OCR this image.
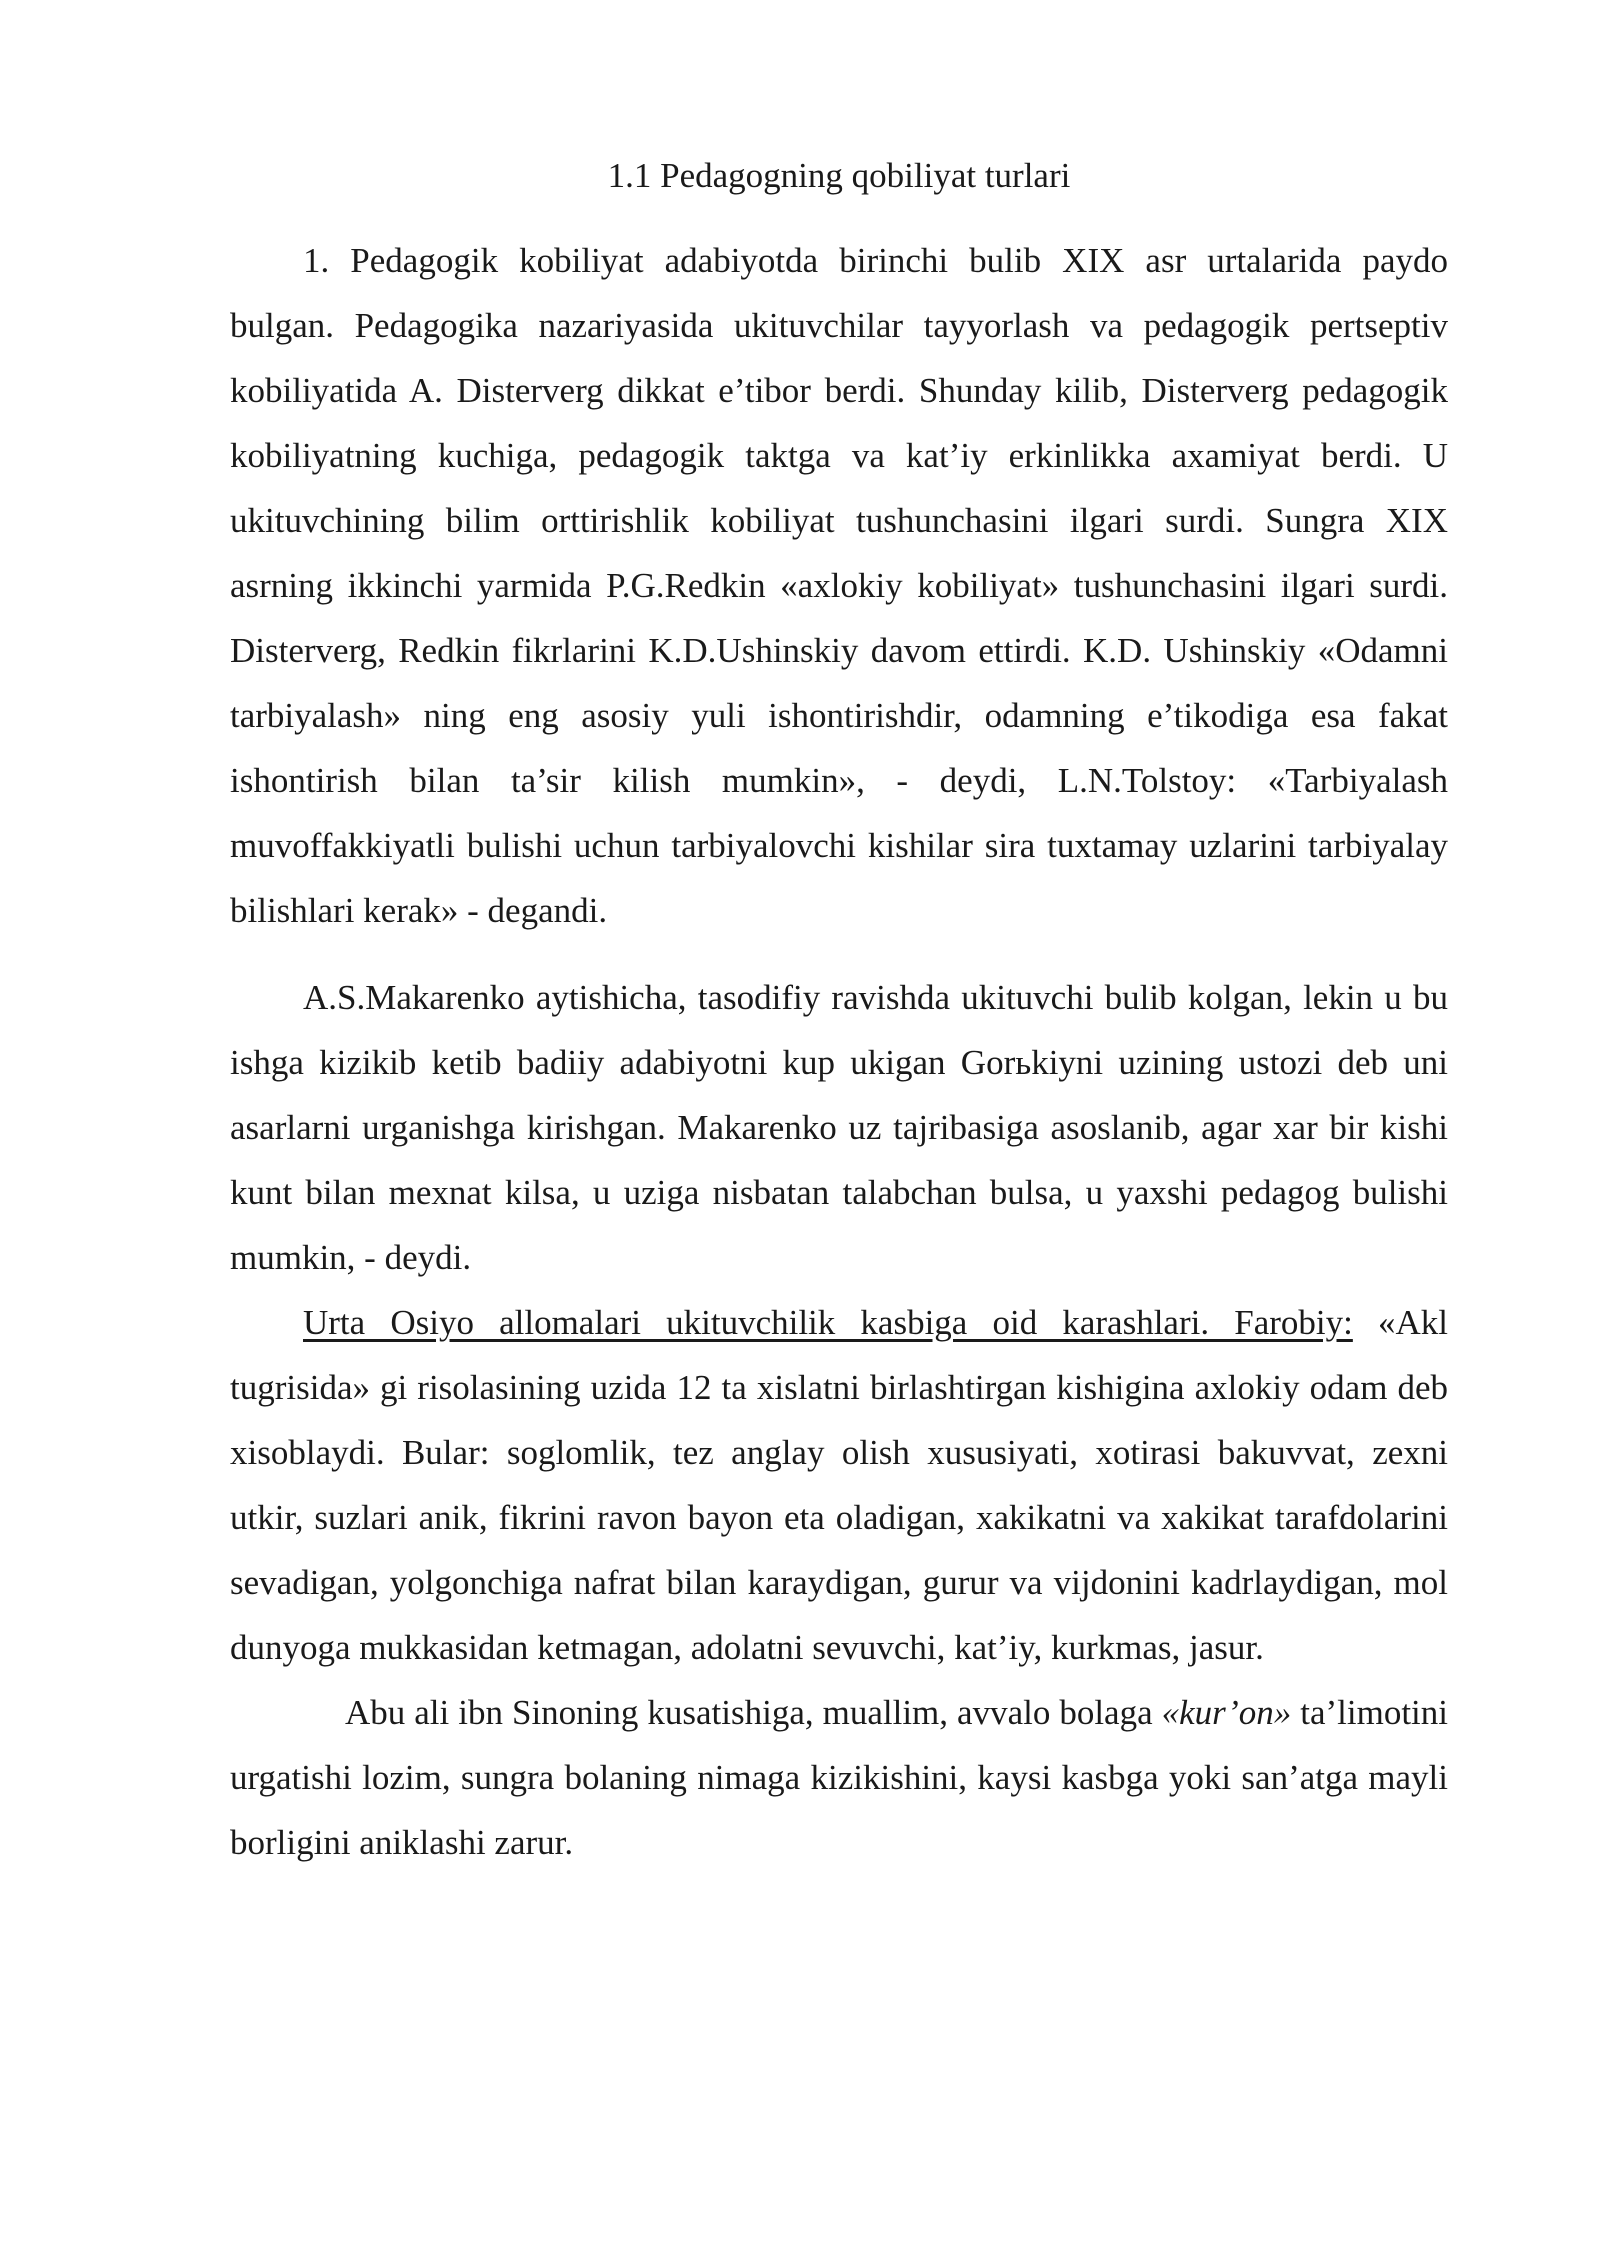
1.1 Pedagogning qobiliyat turlari

1. Pedagogik kobiliyat adabiyotda birinchi bulib XIX asr urtalarida paydo bulgan. Pedagogika nazariyasida ukituvchilar tayyorlash va pedagogik pertseptiv kobiliyatida A. Disterverg dikkat e’tibor berdi. Shunday kilib, Disterverg pedagogik kobiliyatning kuchiga, pedagogik taktga va kat’iy erkinlikka axamiyat berdi. U ukituvchining bilim orttirishlik kobiliyat tushunchasini ilgari surdi. Sungra XIX asrning ikkinchi yarmida P.G.Redkin «axlokiy kobiliyat» tushunchasini ilgari surdi. Disterverg, Redkin fikrlarini K.D.Ushinskiy davom ettirdi. K.D. Ushinskiy «Odamni tarbiyalash» ning eng asosiy yuli ishontirishdir, odamning e’tikodiga esa fakat ishontirish bilan ta’sir kilish mumkin», - deydi, L.N.Tolstoy: «Tarbiyalash muvoffakkiyatli bulishi uchun tarbiyalovchi kishilar sira tuxtamay uzlarini tarbiyalay bilishlari kerak» - degandi.

A.S.Makarenko aytishicha, tasodifiy ravishda ukituvchi bulib kolgan, lekin u bu ishga kizikib ketib badiiy adabiyotni kup ukigan Gorьkiyni uzining ustozi deb uni asarlarni urganishga kirishgan. Makarenko uz tajribasiga asoslanib, agar xar bir kishi kunt bilan mexnat kilsa, u uziga nisbatan talabchan bulsa, u yaxshi pedagog bulishi mumkin, - deydi.

Urta Osiyo allomalari ukituvchilik kasbiga oid karashlari. Farobiy: «Akl tugrisida» gi risolasining uzida 12 ta xislatni birlashtirgan kishigina axlokiy odam deb xisoblaydi. Bular: soglomlik, tez anglay olish xususiyati, xotirasi bakuvvat, zexni utkir, suzlari anik, fikrini ravon bayon eta oladigan, xakikatni va xakikat tarafdolarini sevadigan, yolgonchiga nafrat bilan karaydigan, gurur va vijdonini kadrlaydigan, mol dunyoga mukkasidan ketmagan, adolatni sevuvchi, kat’iy, kurkmas, jasur.

Abu ali ibn Sinoning kusatishiga, muallim, avvalo bolaga «kur’on» ta’limotini urgatishi lozim, sungra bolaning nimaga kizikishini, kaysi kasbga yoki san’atga mayli borligini aniklashi zarur.
